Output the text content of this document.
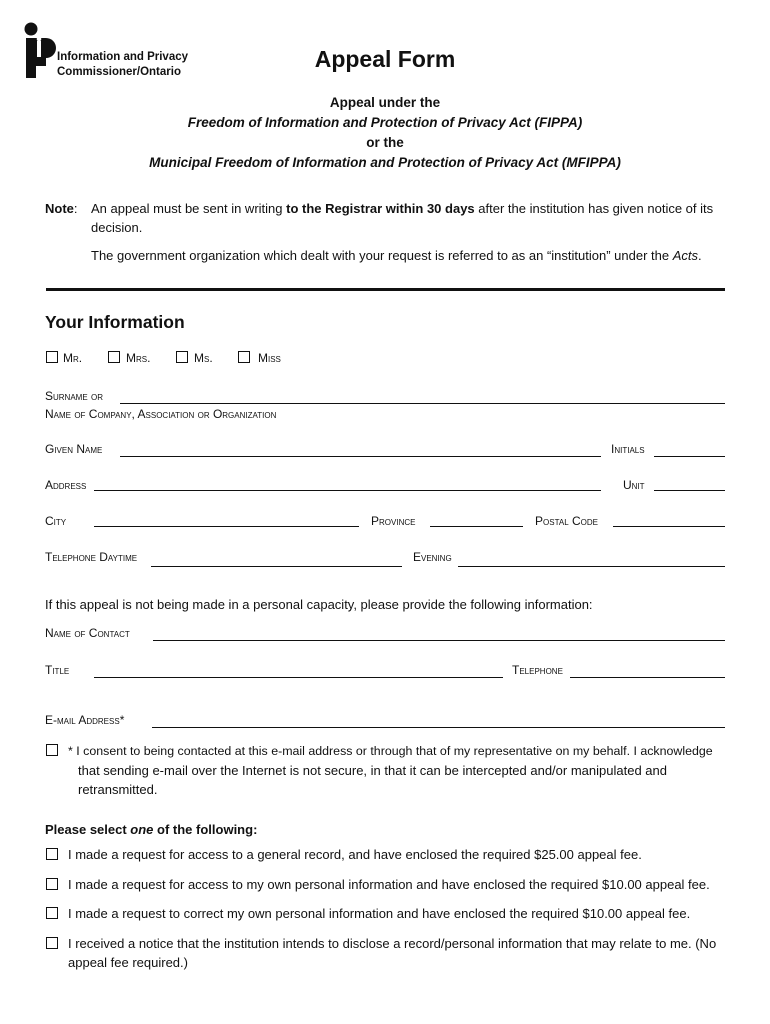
Information and Privacy
Commissioner/Ontario	Appeal Form
Appeal under the
Freedom of Information and Protection of Privacy Act (FIPPA)
or the
Municipal Freedom of Information and Protection of Privacy Act (MFIPPA)
Note: An appeal must be sent in writing to the Registrar within 30 days after the institution has given notice of its
decision.
The government organization which dealt with your request is referred to as an “institution” under the Acts.
Your Information
Mr.	Mrs.	Ms.	Miss
Surname or
Name of Company, Association or Organization
Given Name	Initials
Address	Unit
City	Province	Postal Code
Telephone Daytime	Evening
If this appeal is not being made in a personal capacity, please provide the following information:
Name of Contact
Title	Telephone
E-mail Address*
* I consent to being contacted at this e-mail address or through that of my representative on my behalf. I acknowledge
that sending e-mail over the Internet is not secure, in that it can be intercepted and/or manipulated and
retransmitted.
Please select one of the following:
I made a request for access to a general record, and have enclosed the required $25.00 appeal fee.
I made a request for access to my own personal information and have enclosed the required $10.00 appeal fee.
I made a request to correct my own personal information and have enclosed the required $10.00 appeal fee.
I received a notice that the institution intends to disclose a record/personal information that may relate to me. (No
appeal fee required.)
